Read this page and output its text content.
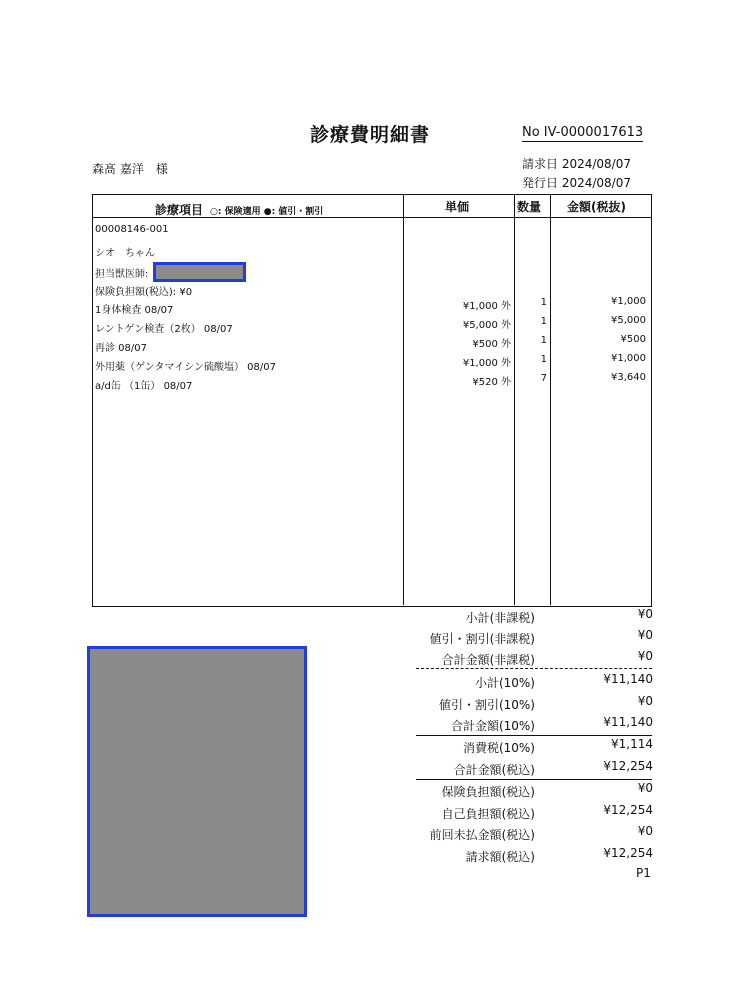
診療費明細書	No IV-0000017613
森髙 嘉洋　様	請求日 2024/08/07
発行日 2024/08/07
診療項目 ○: 保険適用 ●: 値引・割引	単価	数量 金額(税抜)
00008146-001
シオ　ちゃん
担当獣医師:
保険負担額(税込): ¥0
1身体検査 08/07	¥1,000 外	1	¥1,000
レントゲン検査（2枚） 08/07	¥5,000 外	1	¥5,000
再診 08/07	¥500 外	1	¥500
外用薬（ゲンタマイシン硫酸塩） 08/07	¥1,000 外	1	¥1,000
a/d缶 （1缶） 08/07	¥520 外	7	¥3,640
小計(非課税)	¥0
値引・割引(非課税)	¥0
合計金額(非課税)	¥0
小計(10%)	¥11,140
値引・割引(10%)	¥0
合計金額(10%)	¥11,140
消費税(10%)	¥1,114
合計金額(税込)	¥12,254
保険負担額(税込)	¥0
自己負担額(税込)	¥12,254
前回未払金額(税込)	¥0
請求額(税込)	¥12,254
P1
